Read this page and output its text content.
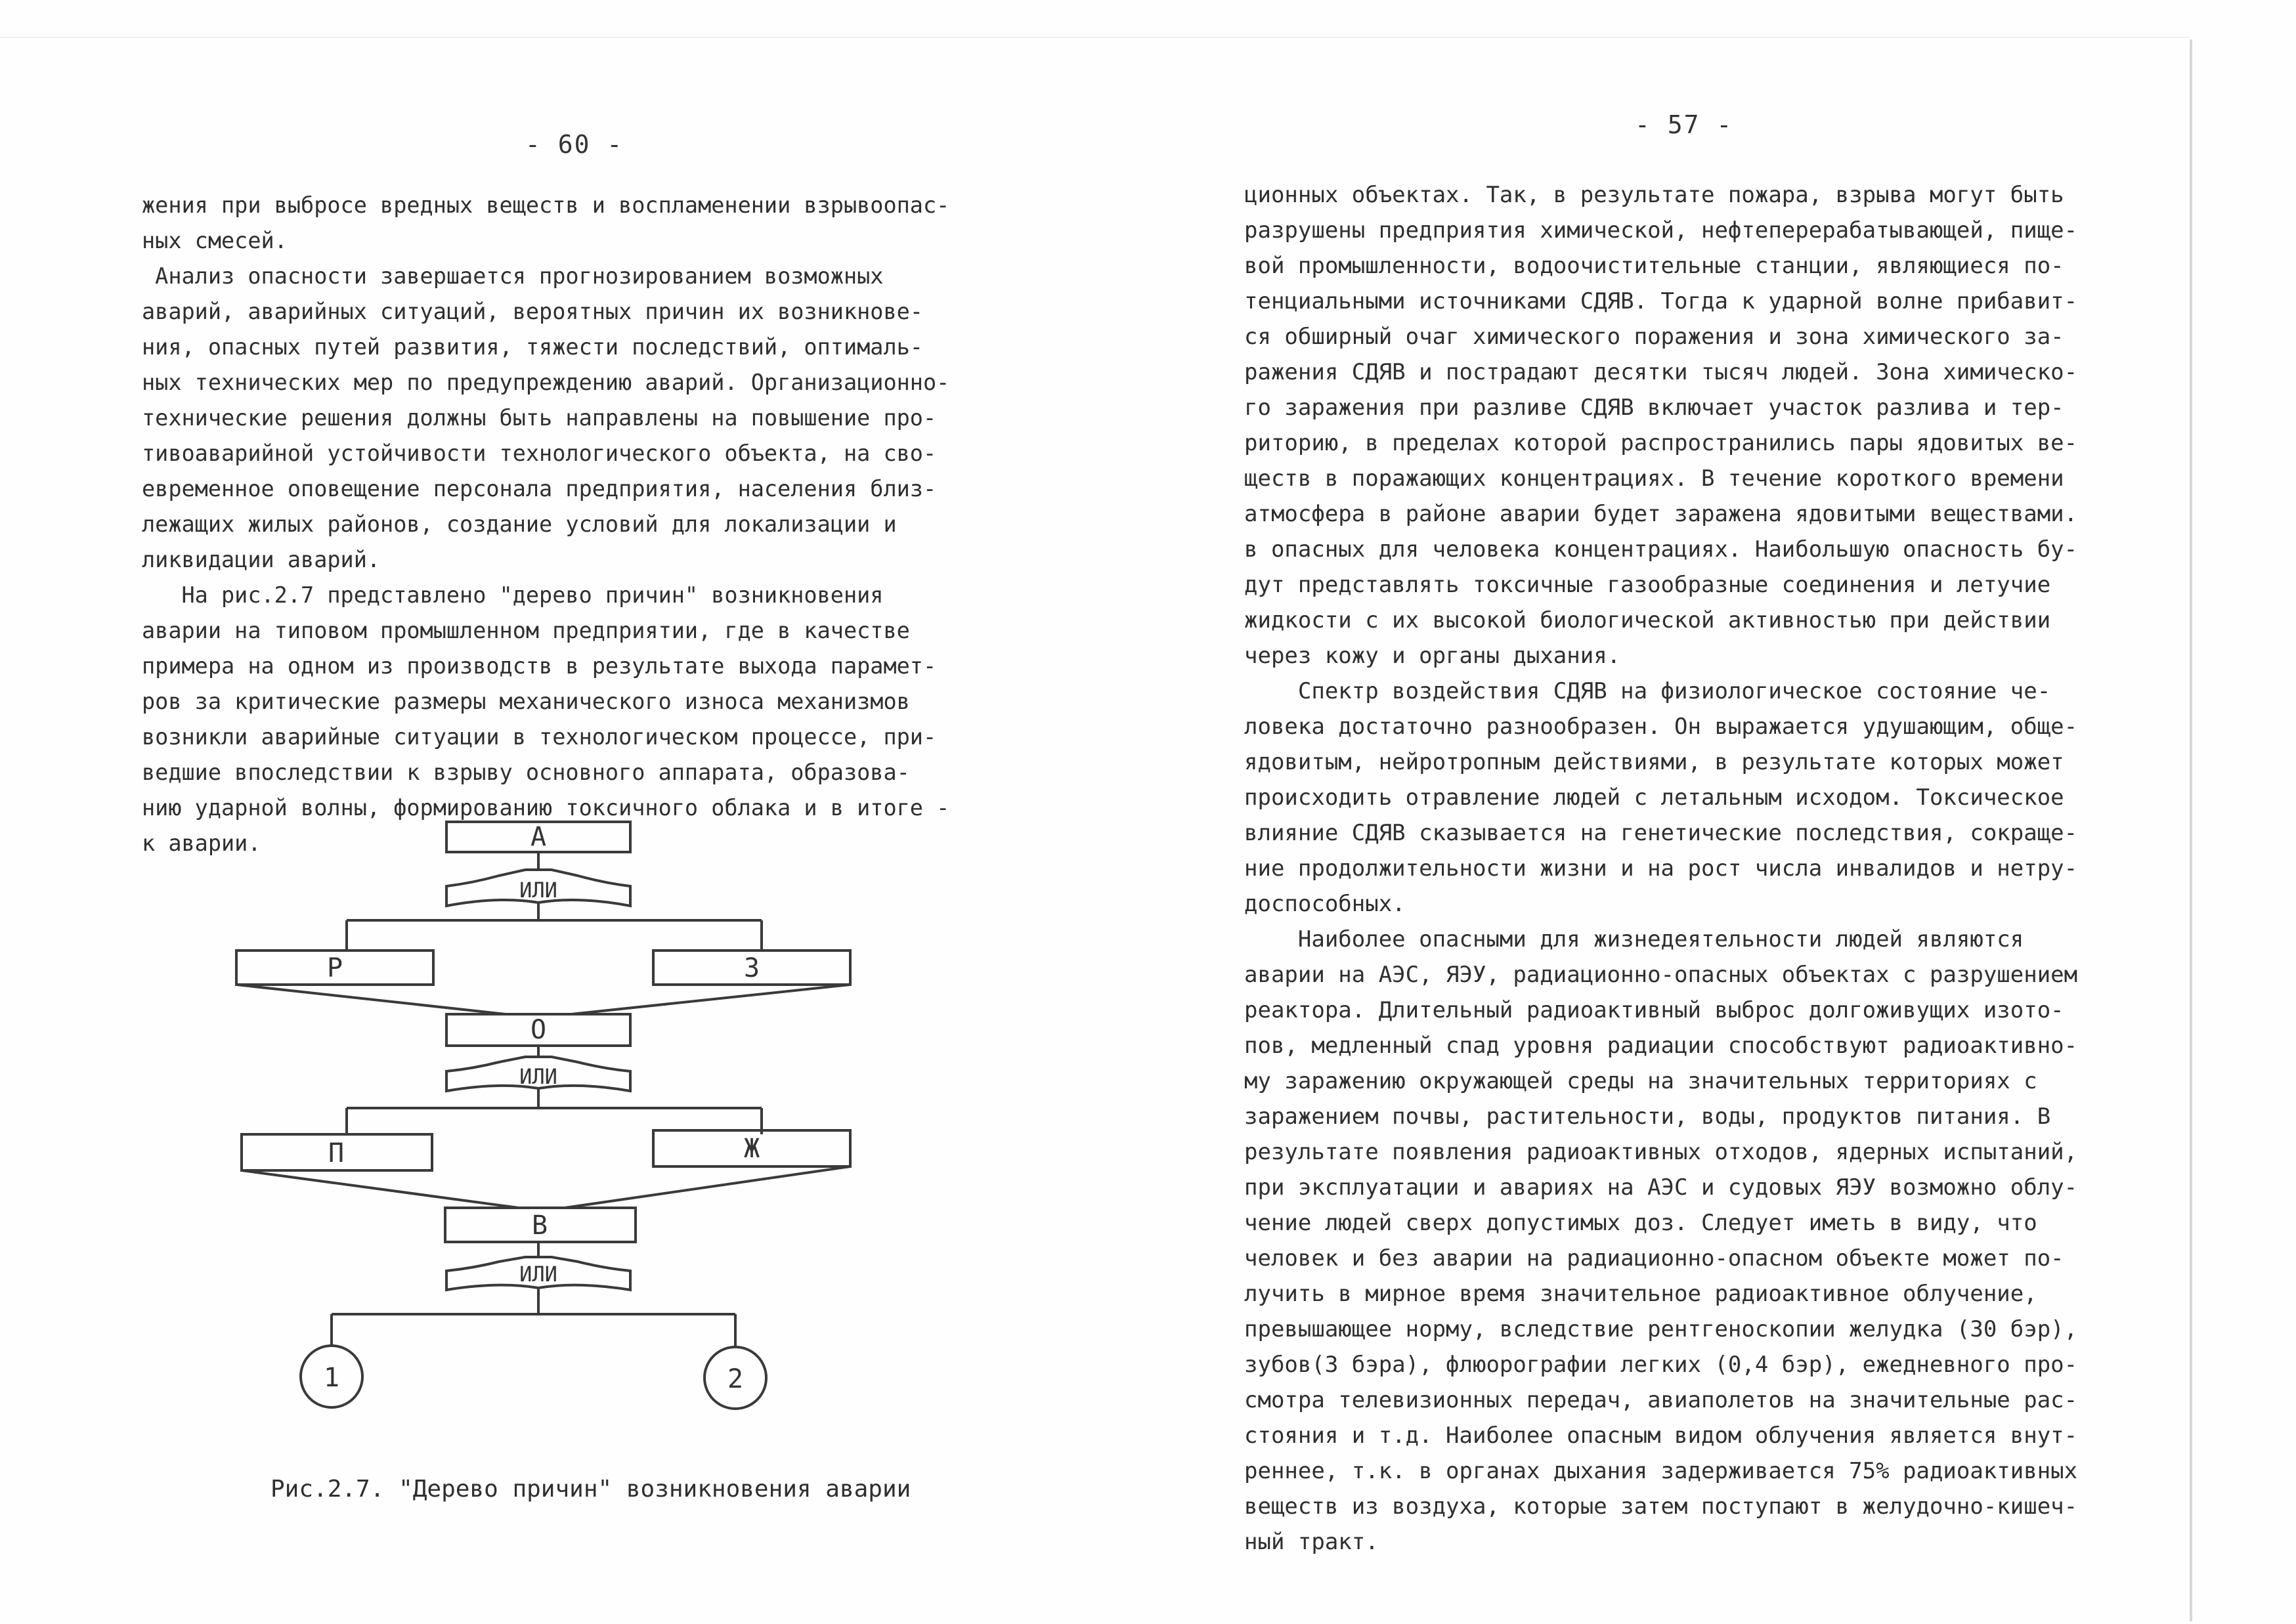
- 60 -
жения при выбросе вредных веществ и воспламенении взрывоопас-
ных смесей.
Анализ опасности завершается прогнозированием возможных
аварий, аварийных ситуаций, вероятных причин их возникнове-
ния, опасных путей развития, тяжести последствий, оптималь-
ных технических мер по предупреждению аварий. Организационно-
технические решения должны быть направлены на повышение про-
тивоаварийной устойчивости технологического объекта, на сво-
евременное оповещение персонала предприятия, населения близ-
лежащих жилых районов, создание условий для локализации и
ликвидации аварий.
На рис.2.7 представлено "дерево причин" возникновения
аварии на типовом промышленном предприятии, где в качестве
примера на одном из производств в результате выхода парамет-
ров за критические размеры механического износа механизмов
возникли аварийные ситуации в технологическом процессе, при-
ведшие впоследствии к взрыву основного аппарата, образова-
нию ударной волны, формированию токсичного облака и в итоге -
к аварии.	А
ИЛИ
Р	З
О
ИЛИ
П	Ж
В
ИЛИ
1	2
Рис.2.7. "Дерево причин" возникновения аварии
- 57 -
ционных объектах. Так, в результате пожара, взрыва могут быть
разрушены предприятия химической, нефтеперерабатывающей, пище-
вой промышленности, водоочистительные станции, являющиеся по-
тенциальными источниками СДЯВ. Тогда к ударной волне прибавит-
ся обширный очаг химического поражения и зона химического за-
ражения СДЯВ и пострадают десятки тысяч людей. Зона химическо-
го заражения при разливе СДЯВ включает участок разлива и тер-
риторию, в пределах которой распространились пары ядовитых ве-
ществ в поражающих концентрациях. В течение короткого времени
атмосфера в районе аварии будет заражена ядовитыми веществами.
в опасных для человека концентрациях. Наибольшую опасность бу-
дут представлять токсичные газообразные соединения и летучие
жидкости с их высокой биологической активностью при действии
через кожу и органы дыхания.
Спектр воздействия СДЯВ на физиологическое состояние че-
ловека достаточно разнообразен. Он выражается удушающим, обще-
ядовитым, нейротропным действиями, в результате которых может
происходить отравление людей с летальным исходом. Токсическое
влияние СДЯВ сказывается на генетические последствия, сокраще-
ние продолжительности жизни и на рост числа инвалидов и нетру-
доспособных.
Наиболее опасными для жизнедеятельности людей являются
аварии на АЭС, ЯЭУ, радиационно-опасных объектах с разрушением
реактора. Длительный радиоактивный выброс долгоживущих изото-
пов, медленный спад уровня радиации способствуют радиоактивно-
му заражению окружающей среды на значительных территориях с
заражением почвы, растительности, воды, продуктов питания. В
результате появления радиоактивных отходов, ядерных испытаний,
при эксплуатации и авариях на АЭС и судовых ЯЭУ возможно облу-
чение людей сверх допустимых доз. Следует иметь в виду, что
человек и без аварии на радиационно-опасном объекте может по-
лучить в мирное время значительное радиоактивное облучение,
превышающее норму, вследствие рентгеноскопии желудка (30 бэр),
зубов(3 бэра), флюорографии легких (0,4 бэр), ежедневного про-
смотра телевизионных передач, авиаполетов на значительные рас-
стояния и т.д. Наиболее опасным видом облучения является внут-
реннее, т.к. в органах дыхания задерживается 75% радиоактивных
веществ из воздуха, которые затем поступают в желудочно-кишеч-
ный тракт.
